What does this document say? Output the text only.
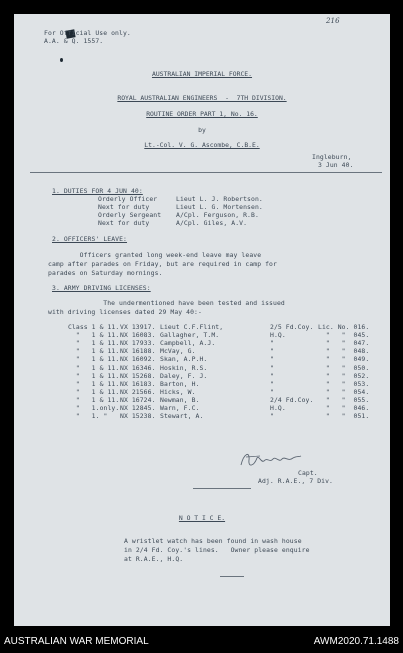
216
For Official Use only.
A.A. & Q. 1557.
AUSTRALIAN IMPERIAL FORCE.
ROYAL AUSTRALIAN ENGINEERS  -  7TH DIVISION.
ROUTINE ORDER PART 1, No. 16.
by
Lt.-Col. V. G. Ascombe, C.B.E.
Ingleburn,
3 Jun 40.
1. DUTIES FOR 4 JUN 40:
Orderly Officer	Lieut L. J. Robertson.
Next for duty	Lieut L. G. Mortensen.
Orderly Sergeant A/Cpl. Ferguson, R.B.
Next for duty	A/Cpl. Giles, A.V.
2. OFFICERS' LEAVE:
Officers granted long week-end leave may leave
camp after parades on Friday, but are required in camp for
parades on Saturday mornings.
3. ARMY DRIVING LICENSES:
The undermentioned have been tested and issued
with driving licenses dated 29 May 40:-
Class 1 & 11. VX 13917. Lieut C.F.Flint,	2/5 Fd.Coy. Lic. No. 016.
"   1 & 11. NX 16083. Gallagher, T.M.	H.Q.	"   "  045.
"   1 & 11. NX 17933. Campbell, A.J.	"	"   "  047.
"   1 & 11. NX 16188. McVay, G.	"	"   "  048.
"   1 & 11. NX 16092. Skan, A.P.H.	"	"   "  049.
"   1 & 11. NX 16346. Hoskin, R.S.	"	"   "  050.
"   1 & 11. NX 15268. Daley, F. J.	"	"   "  052.
"   1 & 11. NX 16183. Barton, H.	"	"   "  053.
"   1 & 11. NX 21566. Hicks, W.	"	"   "  054.
"   1 & 11. NX 16724. Newman, B.	2/4 Fd.Coy. "   "  055.
"   1.only. NX 12845. Warn, F.C.	H.Q.	"   "  046.
"   1. " NX 15238. Stewart, A.	"	"   "  051.
Capt.
Adj. R.A.E., 7 Div.
N O T I C E.
A wristlet watch has been found in wash house
in 2/4 Fd. Coy.'s lines.   Owner please enquire
at R.A.E., H.Q.
AUSTRALIAN WAR MEMORIAL	AWM2020.71.1488
